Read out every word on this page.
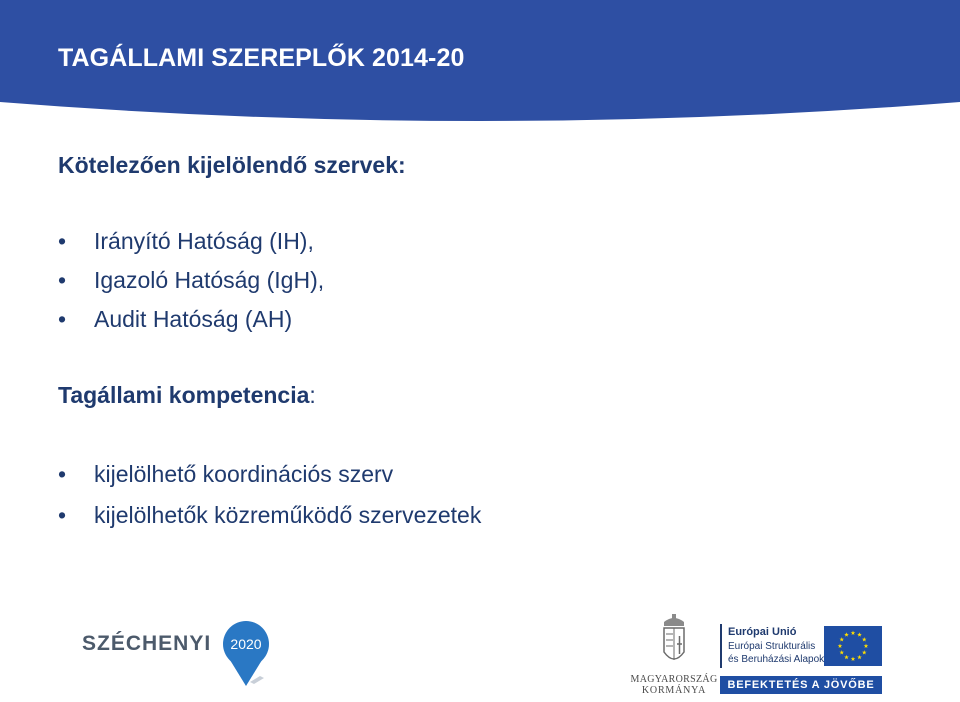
TAGÁLLAMI SZEREPLŐK 2014-20
Kötelezően kijelölendő szervek:
• Irányító Hatóság (IH),
• Igazoló Hatóság (IgH),
• Audit Hatóság (AH)
Tagállami kompetencia:
• kijelölhető koordinációs szerv
• kijelölhetők közreműködő szervezetek
SZÉCHENYI	2020
MAGYARORSZÁG
KORMÁNYA
Európai Unió
Európai Strukturális
és Beruházási Alapok
BEFEKTETÉS A JÖVŐBE
